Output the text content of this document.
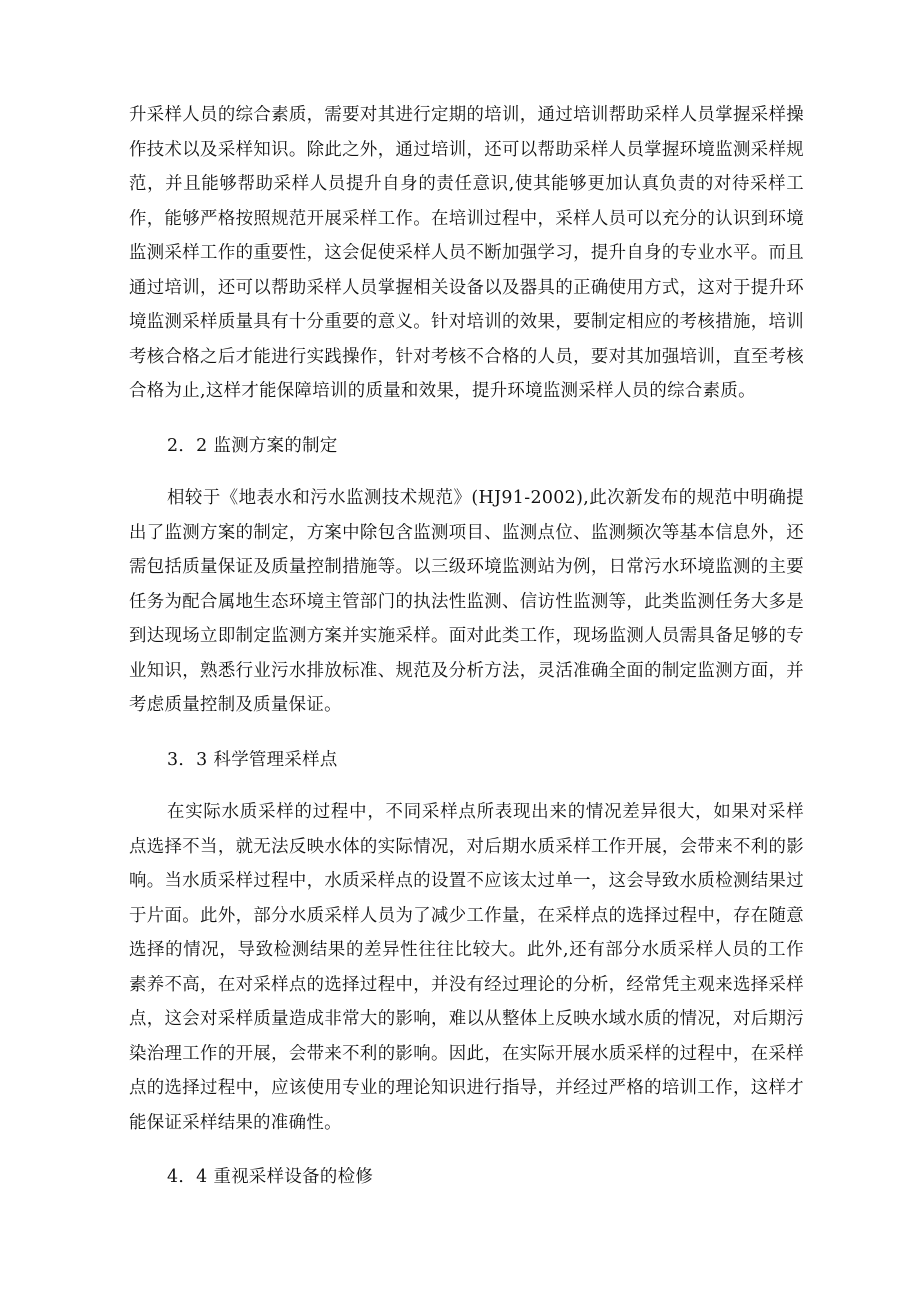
升采样人员的综合素质，需要对其进行定期的培训，通过培训帮助采样人员掌握采样操作技术以及采样知识。除此之外，通过培训，还可以帮助采样人员掌握环境监测采样规范，并且能够帮助采样人员提升自身的责任意识,使其能够更加认真负责的对待采样工作，能够严格按照规范开展采样工作。在培训过程中，采样人员可以充分的认识到环境监测采样工作的重要性，这会促使采样人员不断加强学习，提升自身的专业水平。而且通过培训，还可以帮助采样人员掌握相关设备以及器具的正确使用方式，这对于提升环境监测采样质量具有十分重要的意义。针对培训的效果，要制定相应的考核措施，培训考核合格之后才能进行实践操作，针对考核不合格的人员，要对其加强培训，直至考核合格为止,这样才能保障培训的质量和效果，提升环境监测采样人员的综合素质。

2．2 监测方案的制定

相较于《地表水和污水监测技术规范》(HJ91-2002),此次新发布的规范中明确提出了监测方案的制定，方案中除包含监测项目、监测点位、监测频次等基本信息外，还需包括质量保证及质量控制措施等。以三级环境监测站为例，日常污水环境监测的主要任务为配合属地生态环境主管部门的执法性监测、信访性监测等，此类监测任务大多是到达现场立即制定监测方案并实施采样。面对此类工作，现场监测人员需具备足够的专业知识，熟悉行业污水排放标准、规范及分析方法，灵活准确全面的制定监测方面，并考虑质量控制及质量保证。

3．3 科学管理采样点

在实际水质采样的过程中，不同采样点所表现出来的情况差异很大，如果对采样点选择不当，就无法反映水体的实际情况，对后期水质采样工作开展，会带来不利的影响。当水质采样过程中，水质采样点的设置不应该太过单一，这会导致水质检测结果过于片面。此外，部分水质采样人员为了减少工作量，在采样点的选择过程中，存在随意选择的情况，导致检测结果的差异性往往比较大。此外,还有部分水质采样人员的工作素养不高，在对采样点的选择过程中，并没有经过理论的分析，经常凭主观来选择采样点，这会对采样质量造成非常大的影响，难以从整体上反映水域水质的情况，对后期污染治理工作的开展，会带来不利的影响。因此，在实际开展水质采样的过程中，在采样点的选择过程中，应该使用专业的理论知识进行指导，并经过严格的培训工作，这样才能保证采样结果的准确性。

4．4 重视采样设备的检修
